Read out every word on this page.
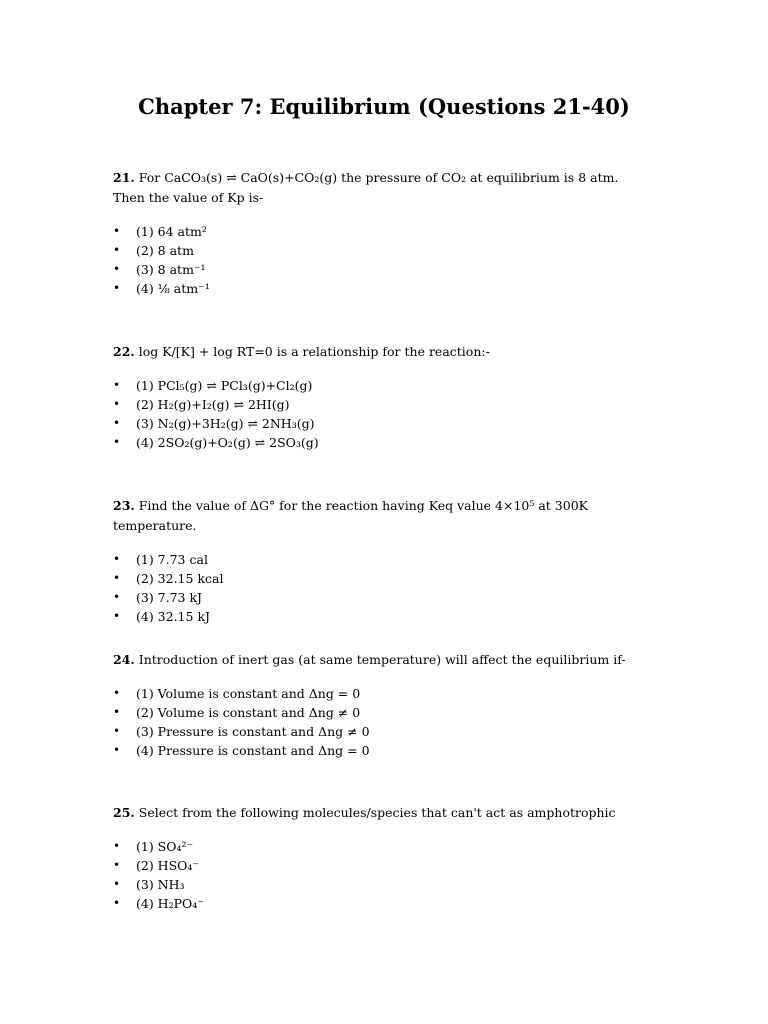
Chapter 7: Equilibrium (Questions 21-40)

21. For CaCO₃(s) ⇌ CaO(s)+CO₂(g) the pressure of CO₂ at equilibrium is 8 atm. Then the value of Kp is-

• (1) 64 atm²
• (2) 8 atm
• (3) 8 atm⁻¹
• (4) ⅛ atm⁻¹

22. log K/[K] + log RT=0 is a relationship for the reaction:-

• (1) PCl₅(g) ⇌ PCl₃(g)+Cl₂(g)
• (2) H₂(g)+I₂(g) ⇌ 2HI(g)
• (3) N₂(g)+3H₂(g) ⇌ 2NH₃(g)
• (4) 2SO₂(g)+O₂(g) ⇌ 2SO₃(g)

23. Find the value of ΔG° for the reaction having Keq value 4×10⁵ at 300K temperature.

• (1) 7.73 cal
• (2) 32.15 kcal
• (3) 7.73 kJ
• (4) 32.15 kJ

24. Introduction of inert gas (at same temperature) will affect the equilibrium if-

• (1) Volume is constant and Δng = 0
• (2) Volume is constant and Δng ≠ 0
• (3) Pressure is constant and Δng ≠ 0
• (4) Pressure is constant and Δng = 0

25. Select from the following molecules/species that can't act as amphotrophic

• (1) SO₄²⁻
• (2) HSO₄⁻
• (3) NH₃
• (4) H₂PO₄⁻
